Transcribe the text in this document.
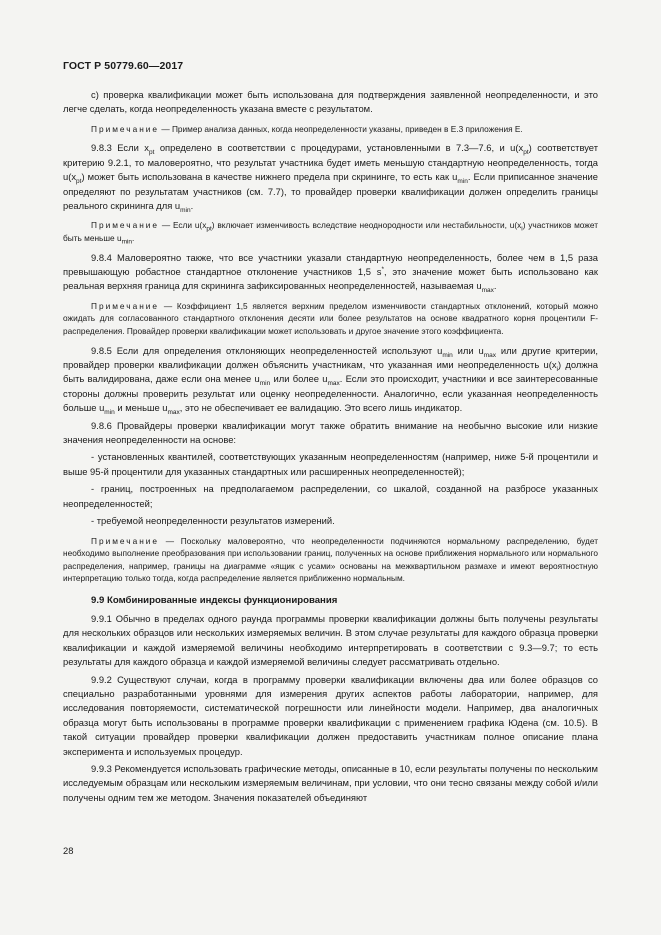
ГОСТ Р 50779.60—2017

с) проверка квалификации может быть использована для подтверждения заявленной неопределенности, и это легче сделать, когда неопределенность указана вместе с результатом.

Примечание — Пример анализа данных, когда неопределенности указаны, приведен в Е.3 приложения Е.

9.8.3 Если $x_{pt}$ определено в соответствии с процедурами, установленными в 7.3—7.6, и $u(x_{pt})$ соответствует критерию 9.2.1, то маловероятно, что результат участника будет иметь меньшую стандартную неопределенность, тогда $u(x_{pt})$ может быть использована в качестве нижнего предела при скрининге, то есть как $u_{min}$. Если приписанное значение определяют по результатам участников (см. 7.7), то провайдер проверки квалификации должен определить границы реального скрининга для $u_{min}$.

Примечание — Если $u(x_{pt})$ включает изменчивость вследствие неоднородности или нестабильности, $u(x_i)$ участников может быть меньше $u_{min}$.

9.8.4 Маловероятно также, что все участники указали стандартную неопределенность, более чем в 1,5 раза превышающую робастное стандартное отклонение участников 1,5 s*, это значение может быть использовано как реальная верхняя граница для скрининга зафиксированных неопределенностей, называемая $u_{max}$.

Примечание — Коэффициент 1,5 является верхним пределом изменчивости стандартных отклонений, который можно ожидать для согласованного стандартного отклонения десяти или более результатов на основе квадратного корня процентили F-распределения. Провайдер проверки квалификации может использовать и другое значение этого коэффициента.

9.8.5 Если для определения отклоняющих неопределенностей используют $u_{min}$ или $u_{max}$ или другие критерии, провайдер проверки квалификации должен объяснить участникам, что указанная ими неопределенность $u(x_i)$ должна быть валидирована, даже если она менее $u_{min}$ или более $u_{max}$. Если это происходит, участники и все заинтересованные стороны должны проверить результат или оценку неопределенности. Аналогично, если указанная неопределенность больше $u_{min}$ и меньше $u_{max}$, это не обеспечивает ее валидацию. Это всего лишь индикатор.

9.8.6 Провайдеры проверки квалификации могут также обратить внимание на необычно высокие или низкие значения неопределенности на основе:

- установленных квантилей, соответствующих указанным неопределенностям (например, ниже 5-й процентили и выше 95-й процентили для указанных стандартных или расширенных неопределенностей);

- границ, построенных на предполагаемом распределении, со шкалой, созданной на разбросе указанных неопределенностей;

- требуемой неопределенности результатов измерений.

Примечание — Поскольку маловероятно, что неопределенности подчиняются нормальному распределению, будет необходимо выполнение преобразования при использовании границ, полученных на основе приближения нормального или нормального распределения, например, границы на диаграмме «ящик с усами» основаны на межквартильном размахе и имеют вероятностную интерпретацию только тогда, когда распределение является приближенно нормальным.

9.9 Комбинированные индексы функционирования

9.9.1 Обычно в пределах одного раунда программы проверки квалификации должны быть получены результаты для нескольких образцов или нескольких измеряемых величин. В этом случае результаты для каждого образца проверки квалификации и каждой измеряемой величины необходимо интерпретировать в соответствии с 9.3—9.7; то есть результаты для каждого образца и каждой измеряемой величины следует рассматривать отдельно.

9.9.2 Существуют случаи, когда в программу проверки квалификации включены два или более образцов со специально разработанными уровнями для измерения других аспектов работы лаборатории, например, для исследования повторяемости, систематической погрешности или линейности модели. Например, два аналогичных образца могут быть использованы в программе проверки квалификации с применением графика Юдена (см. 10.5). В такой ситуации провайдер проверки квалификации должен предоставить участникам полное описание плана эксперимента и используемых процедур.

9.9.3 Рекомендуется использовать графические методы, описанные в 10, если результаты получены по нескольким исследуемым образцам или нескольким измеряемым величинам, при условии, что они тесно связаны между собой и/или получены одним тем же методом. Значения показателей объединяют

28
